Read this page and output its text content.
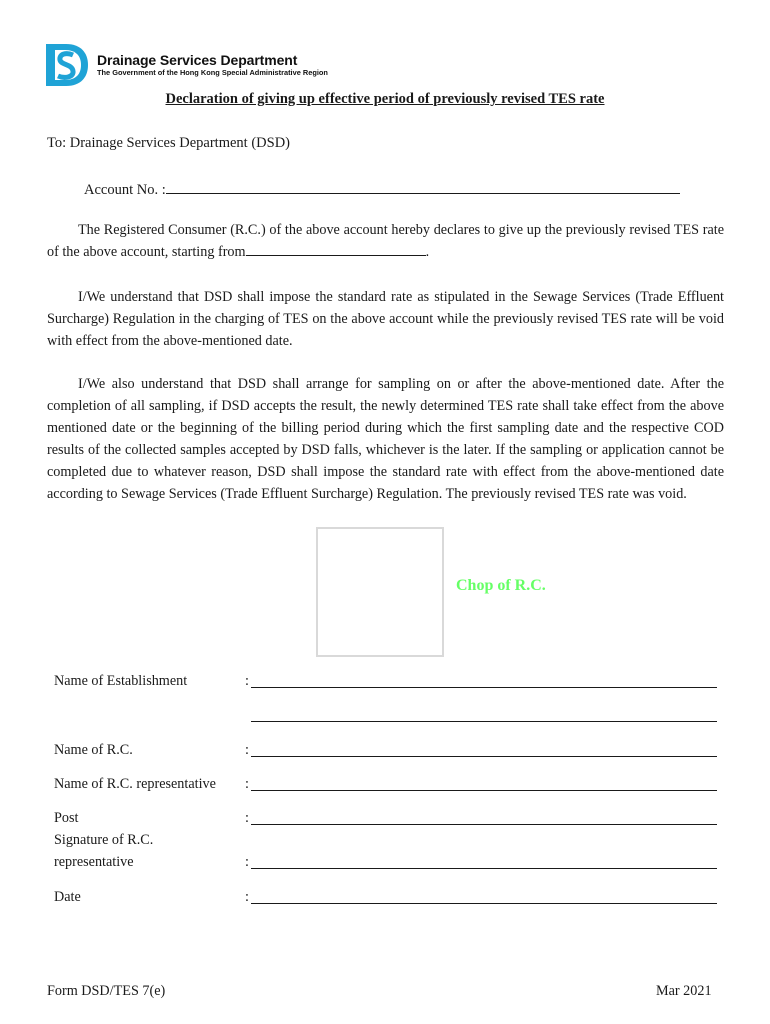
Drainage Services Department
The Government of the Hong Kong Special Administrative Region
Declaration of giving up effective period of previously revised TES rate
To: Drainage Services Department (DSD)
Account No. :
The Registered Consumer (R.C.) of the above account hereby declares to give up the previously revised TES rate of the above account, starting from	.
I/We understand that DSD shall impose the standard rate as stipulated in the Sewage Services (Trade Effluent Surcharge) Regulation in the charging of TES on the above account while the previously revised TES rate will be void with effect from the above-mentioned date.
I/We also understand that DSD shall arrange for sampling on or after the above-mentioned date. After the completion of all sampling, if DSD accepts the result, the newly determined TES rate shall take effect from the above mentioned date or the beginning of the billing period during which the first sampling date and the respective COD results of the collected samples accepted by DSD falls, whichever is the later. If the sampling or application cannot be completed due to whatever reason, DSD shall impose the standard rate with effect from the above-mentioned date according to Sewage Services (Trade Effluent Surcharge) Regulation. The previously revised TES rate was void.
Chop of R.C.
Name of Establishment	:
Name of R.C.	:
Name of R.C. representative :
Post	:
Signature of R.C.
representative	:
Date	:
Form DSD/TES 7(e)	Mar 2021
